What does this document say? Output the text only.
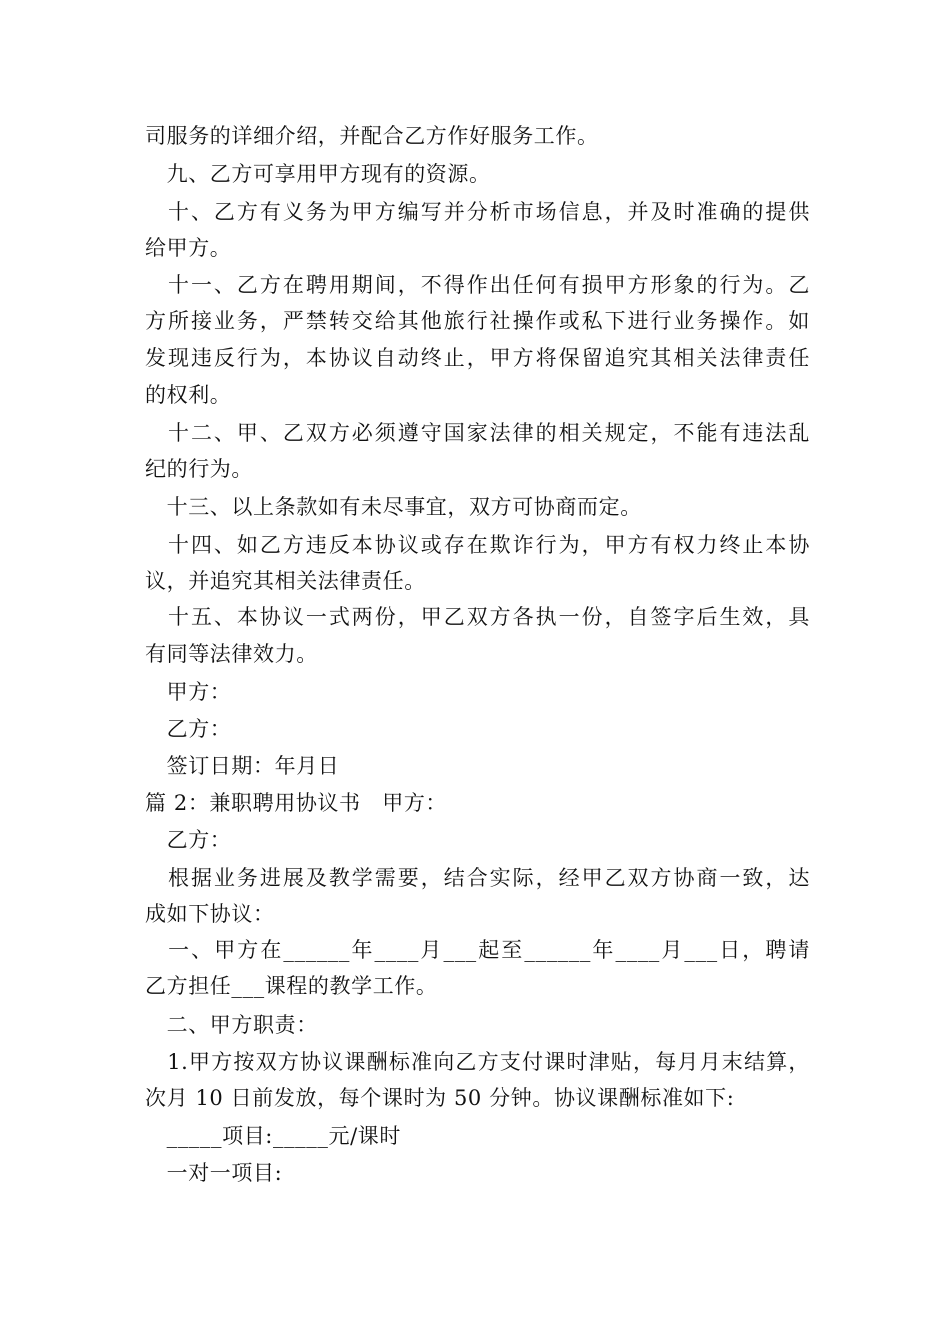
司服务的详细介绍，并配合乙方作好服务工作。
　九、乙方可享用甲方现有的资源。
　十、乙方有义务为甲方编写并分析市场信息，并及时准确的提供
给甲方。
　十一、乙方在聘用期间，不得作出任何有损甲方形象的行为。乙
方所接业务，严禁转交给其他旅行社操作或私下进行业务操作。如
发现违反行为，本协议自动终止，甲方将保留追究其相关法律责任
的权利。
　十二、甲、乙双方必须遵守国家法律的相关规定，不能有违法乱
纪的行为。
　十三、以上条款如有未尽事宜，双方可协商而定。
　十四、如乙方违反本协议或存在欺诈行为，甲方有权力终止本协
议，并追究其相关法律责任。
　十五、本协议一式两份，甲乙双方各执一份，自签字后生效，具
有同等法律效力。
　甲方：
　乙方：
　签订日期：年月日
篇 2：兼职聘用协议书　甲方：
　乙方：
　根据业务进展及教学需要，结合实际，经甲乙双方协商一致，达
成如下协议：
　一、甲方在______年____月___起至______年____月___日，聘请
乙方担任___课程的教学工作。
　二、甲方职责：
　1.甲方按双方协议课酬标准向乙方支付课时津贴，每月月末结算，
次月 10 日前发放，每个课时为 50 分钟。协议课酬标准如下:
　_____项目:_____元/课时
　一对一项目:
